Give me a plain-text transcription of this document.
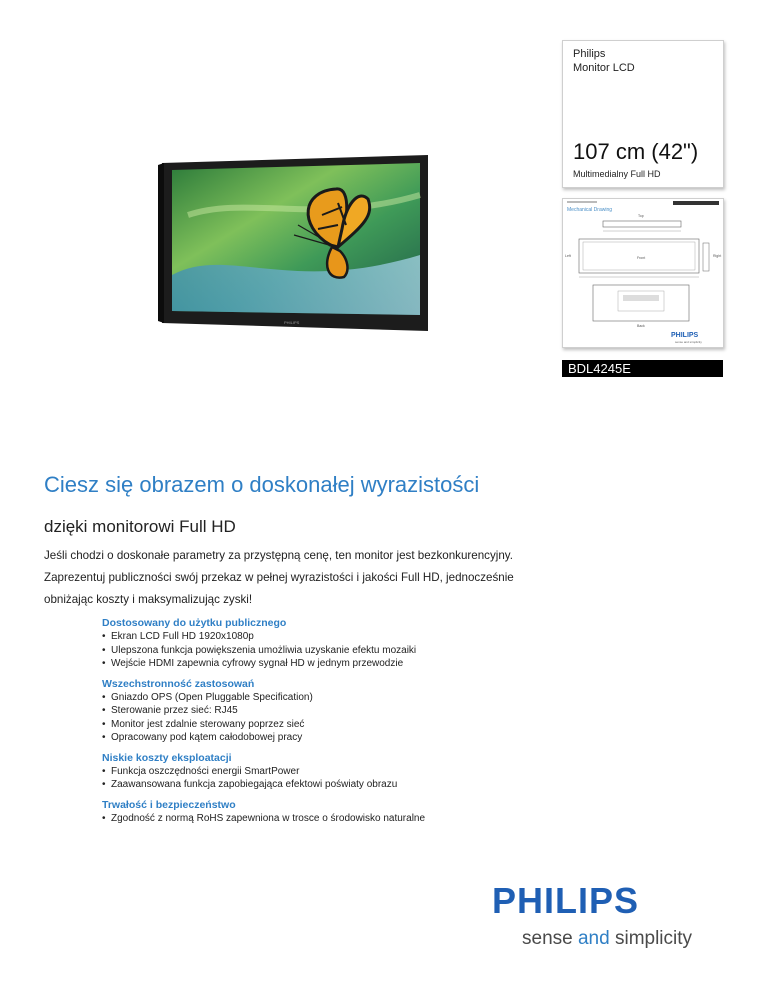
PHILIPS
Philips
Monitor LCD
107 cm (42")
Multimedialny Full HD
Mechanical Drawing
Top
Front
Left	Right
Back
PHILIPS
sense and simplicity
BDL4245E
Ciesz się obrazem o doskonałej wyrazistości
dzięki monitorowi Full HD

Jeśli chodzi o doskonałe parametry za przystępną cenę, ten monitor jest bezkonkurencyjny. Zaprezentuj publiczności swój przekaz w pełnej wyrazistości i jakości Full HD, jednocześnie obniżając koszty i maksymalizując zyski!

Dostosowany do użytku publicznego
• Ekran LCD Full HD 1920x1080p
• Ulepszona funkcja powiększenia umożliwia uzyskanie efektu mozaiki
• Wejście HDMI zapewnia cyfrowy sygnał HD w jednym przewodzie
Wszechstronność zastosowań
• Gniazdo OPS (Open Pluggable Specification)
• Sterowanie przez sieć: RJ45
• Monitor jest zdalnie sterowany poprzez sieć
• Opracowany pod kątem całodobowej pracy
Niskie koszty eksploatacji
• Funkcja oszczędności energii SmartPower
• Zaawansowana funkcja zapobiegająca efektowi poświaty obrazu
Trwałość i bezpieczeństwo
• Zgodność z normą RoHS zapewniona w trosce o środowisko naturalne
PHILIPS
sense and simplicity
